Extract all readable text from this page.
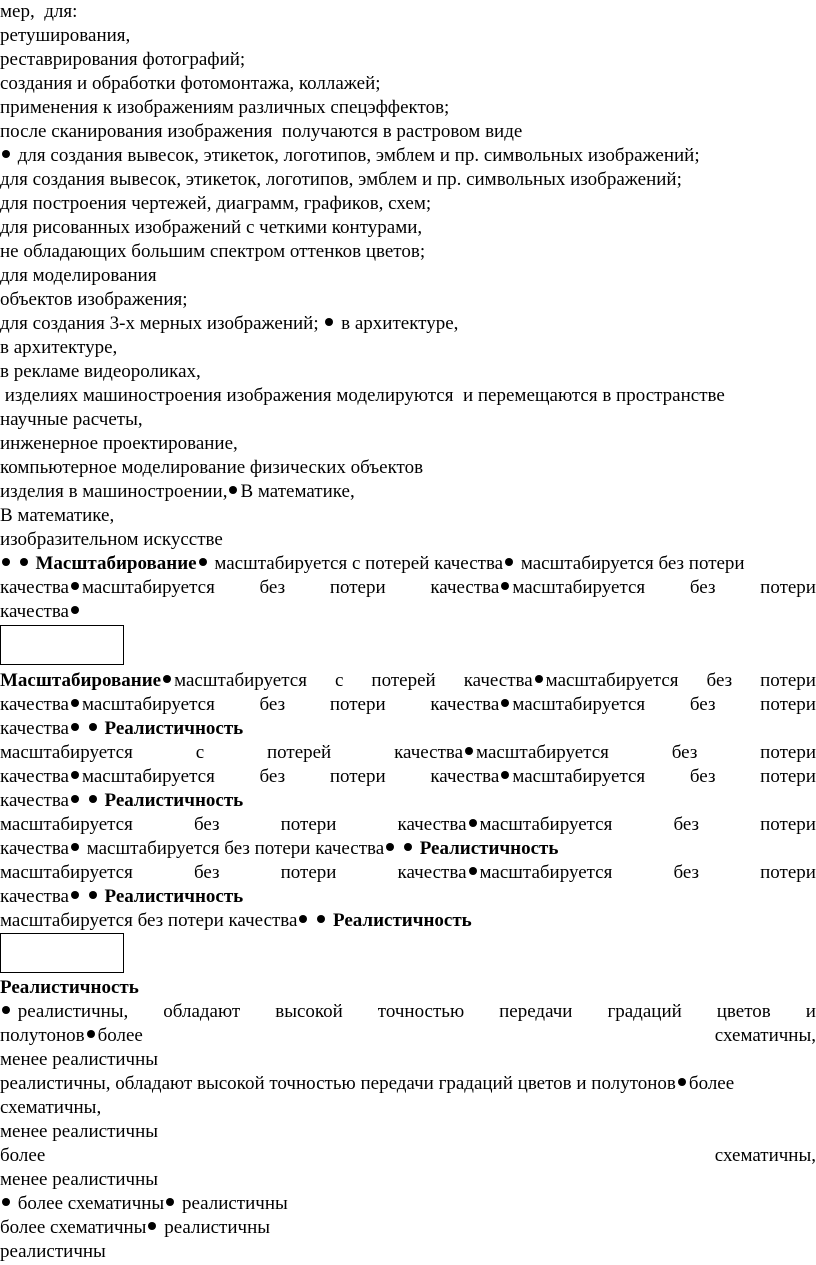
мер,  для:
ретуширования,
реставрирования фотографий;
создания и обработки фотомонтажа, коллажей;
применения к изображениям различных спецэффектов;
после сканирования изображения  получаются в растровом виде
для создания вывесок, этикеток, логотипов, эмблем и пр. символьных изображений;
для создания вывесок, этикеток, логотипов, эмблем и пр. символьных изображений;
для построения чертежей, диаграмм, графиков, схем;
для рисованных изображений с четкими контурами,
не обладающих большим спектром оттенков цветов;
для моделирования
объектов изображения;
для создания 3-х мерных изображений; в архитектуре,
в архитектуре,
в рекламе видеороликах,
изделиях машиностроения изображения моделируются  и перемещаются в пространстве
научные расчеты,
инженерное проектирование,
компьютерное моделирование физических объектов
изделия в машиностроении, В математике,
В математике,
изобразительном искусстве
Масштабирование масштабируется с потерей качества масштабируется без потери
качества масштабируется без потери качества масштабируется без потери
качества
Масштабирование масштабируется с потерей качества масштабируется без потери
качества масштабируется без потери качества масштабируется без потери
качества Реалистичность
масштабируется	с	потерей	качества масштабируется	без	потери
качества масштабируется без потери качества масштабируется без потери
качества Реалистичность
масштабируется	без	потери	качества масштабируется	без	потери
качества масштабируется без потери качества Реалистичность
масштабируется	без	потери	качества масштабируется	без	потери
качества Реалистичность
масштабируется без потери качества Реалистичность
Реалистичность
реалистичны, обладают высокой точностью передачи градаций цветов и
полутонов более	схематичны,
менее реалистичны
реалистичны, обладают высокой точностью передачи градаций цветов и полутонов более
схематичны,
менее реалистичны
более	схематичны,
менее реалистичны
более схематичны реалистичны
более схематичны реалистичны
реалистичны
